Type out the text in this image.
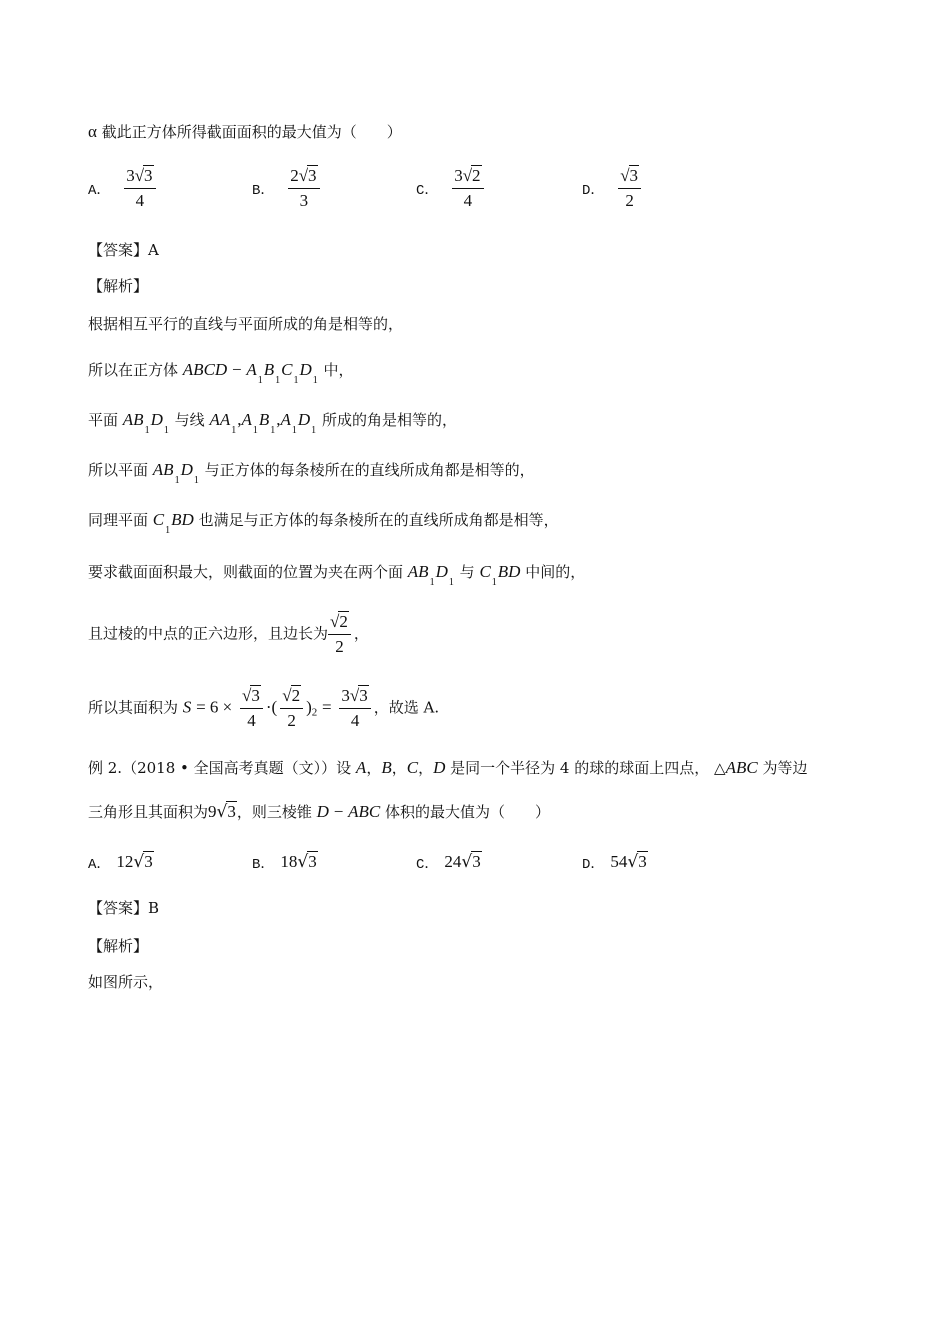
α 截此正方体所得截面面积的最大值为（　　）
A． $\frac{3√3}{4}$	B． $\frac{2√3}{3}$	C． $\frac{3√2}{4}$	D． $\frac{√3}{2}$
【答案】A
【解析】
根据相互平行的直线与平面所成的角是相等的，
所以在正方体 ABCD − $A_1B_1C_1D_1$ 中，
平面 $AB_1D_1$ 与线 $AA_1,A_1B_1,A_1D_1$ 所成的角是相等的，
所以平面 $AB_1D_1$ 与正方体的每条棱所在的直线所成角都是相等的，
同理平面 $C_1BD$ 也满足与正方体的每条棱所在的直线所成角都是相等，
要求截面面积最大，则截面的位置为夹在两个面 $AB_1D_1$ 与 $C_1BD$ 中间的，
且过棱的中点的正六边形，且边长为 $\frac{√2}{2}$ ，
所以其面积为 $S = 6 \times \frac{√3}{4}$ ·( $\frac{√2}{2} )_2 = \frac{3√3}{4}$ ，故选 A.
例 2.（2018 • 全国高考真题（文））设 A，B，C，D 是同一个半径为 4 的球的球面上四点， △ABC 为等边
三角形且其面积为9√3，则三棱锥 D − ABC 体积的最大值为（　　）
A． 12√3	B． 18√3	C． 24√3	D． 54√3
【答案】B
【解析】
如图所示，
